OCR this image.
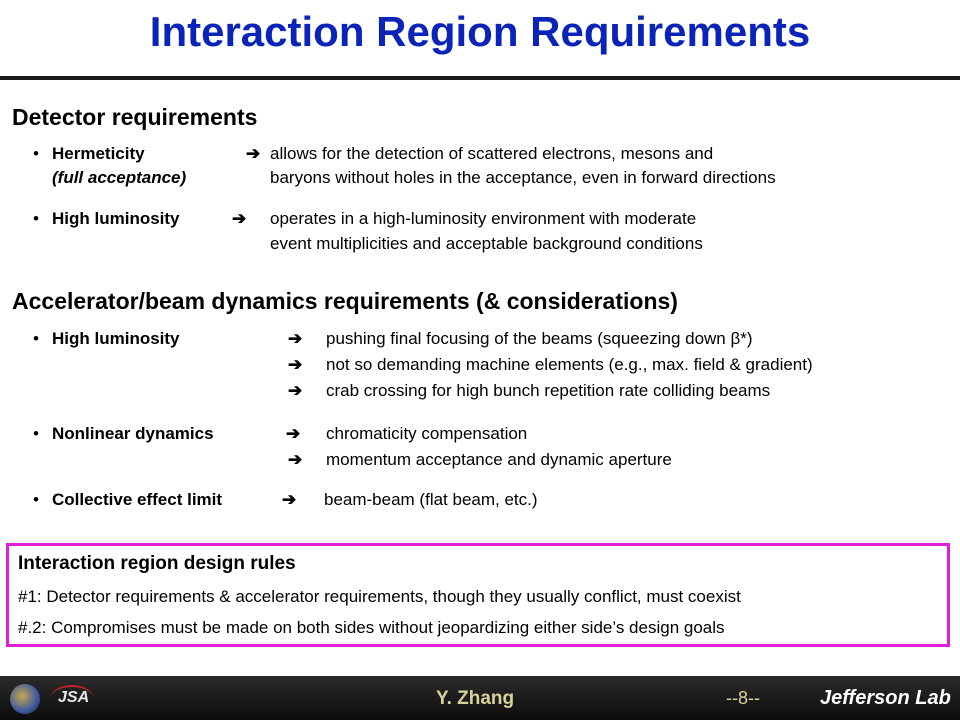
Interaction Region Requirements
Detector requirements
• Hermeticity
(full acceptance)
➔ allows for the detection of scattered electrons, mesons and
baryons without holes in the acceptance, even in forward directions
• High luminosity	➔ operates in a high-luminosity environment with moderate
event multiplicities and acceptable background conditions
Accelerator/beam dynamics requirements (& considerations)
• High luminosity	➔ pushing final focusing of the beams (squeezing down β*)
➔ not so demanding machine elements (e.g., max. field & gradient)
➔ crab crossing for high bunch repetition rate colliding beams
• Nonlinear dynamics	➔ chromaticity compensation
➔ momentum acceptance and dynamic aperture
• Collective effect limit	➔ beam-beam (flat beam, etc.)
Interaction region design rules
#1: Detector requirements & accelerator requirements, though they usually conflict, must coexist
#.2: Compromises must be made on both sides without jeopardizing either side’s design goals
Y. Zhang	--8--	Jefferson Lab
JSA
